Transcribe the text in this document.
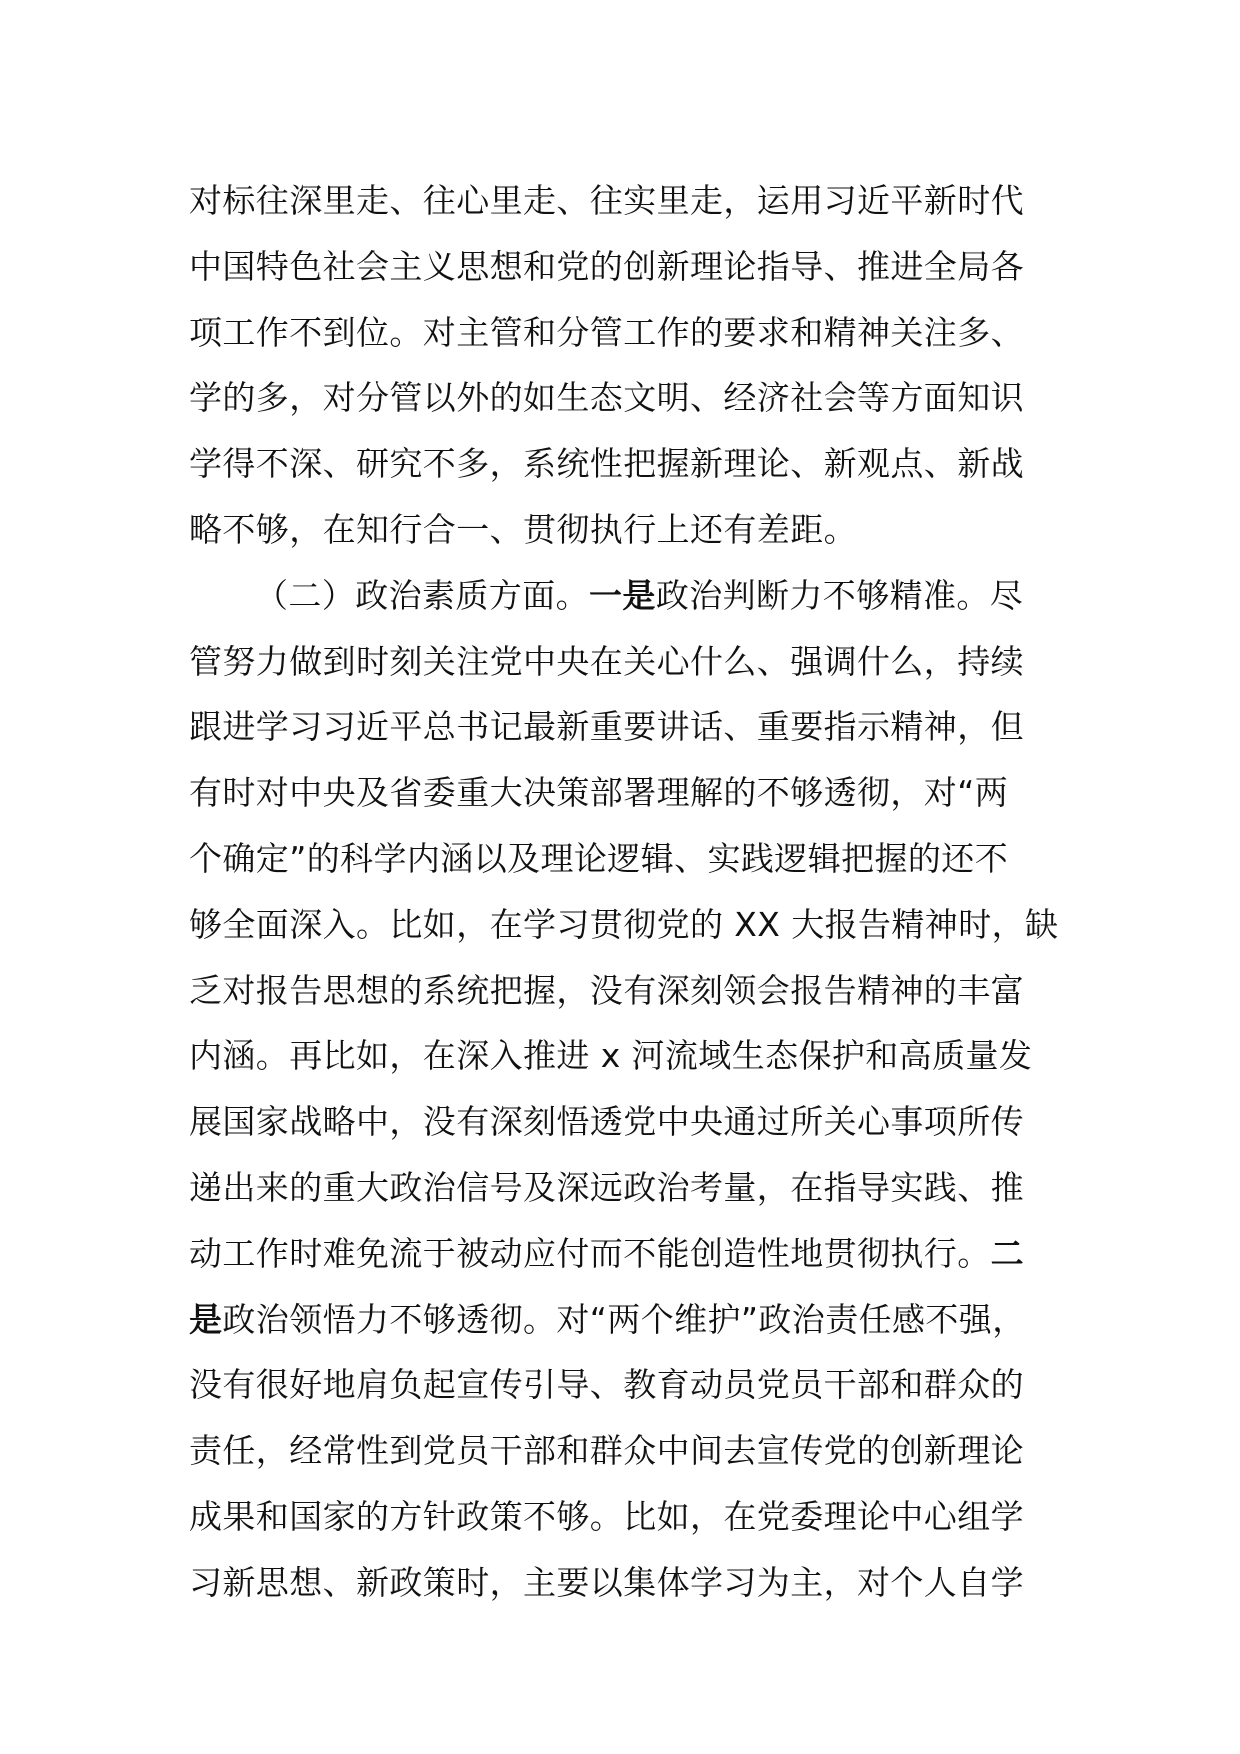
对标往深里走、往心里走、往实里走，运用习近平新时代
中国特色社会主义思想和党的创新理论指导、推进全局各
项工作不到位。对主管和分管工作的要求和精神关注多、
学的多，对分管以外的如生态文明、经济社会等方面知识
学得不深、研究不多，系统性把握新理论、新观点、新战
略不够，在知行合一、贯彻执行上还有差距。
（二）政治素质方面。一是政治判断力不够精准。尽
管努力做到时刻关注党中央在关心什么、强调什么，持续
跟进学习习近平总书记最新重要讲话、重要指示精神，但
有时对中央及省委重大决策部署理解的不够透彻，对“两
个确定”的科学内涵以及理论逻辑、实践逻辑把握的还不
够全面深入。比如，在学习贯彻党的 XX 大报告精神时，缺
乏对报告思想的系统把握，没有深刻领会报告精神的丰富
内涵。再比如，在深入推进 x 河流域生态保护和高质量发
展国家战略中，没有深刻悟透党中央通过所关心事项所传
递出来的重大政治信号及深远政治考量，在指导实践、推
动工作时难免流于被动应付而不能创造性地贯彻执行。二
是政治领悟力不够透彻。对“两个维护”政治责任感不强，
没有很好地肩负起宣传引导、教育动员党员干部和群众的
责任，经常性到党员干部和群众中间去宣传党的创新理论
成果和国家的方针政策不够。比如，在党委理论中心组学
习新思想、新政策时，主要以集体学习为主，对个人自学
